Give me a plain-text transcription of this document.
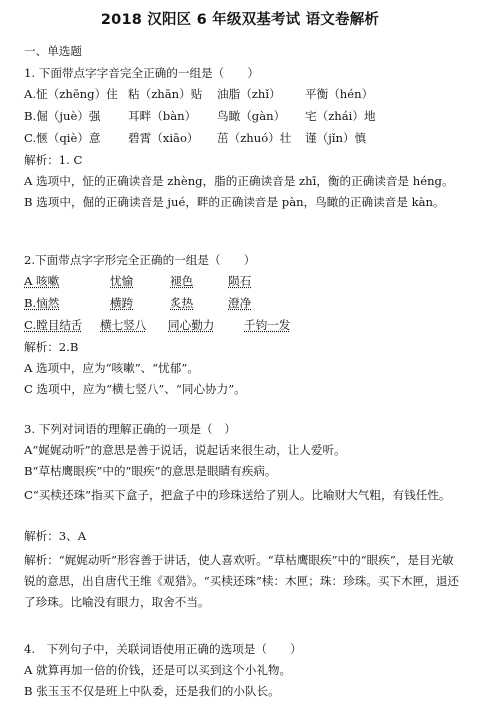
2018 汉阳区 6 年级双基考试 语文卷解析
一、单选题
1. 下面带点字字音完全正确的一组是（　　）
A.怔（zhēng）住 粘（zhān）贴	油脂（zhǐ）	平衡（hén）
B.倔（juè）强	耳畔（bàn）	鸟瞰（gàn）	宅（zhái）地
C.惬（qiè）意	碧霄（xiāo）	茁（zhuó）壮	谨（jǐn）慎
解析：1. C
A 选项中，怔的正确读音是 zhèng，脂的正确读音是 zhī，衡的正确读音是 héng。
B 选项中，倔的正确读音是 jué，畔的正确读音是 pàn，鸟瞰的正确读音是 kàn。
2.下面带点字字形完全正确的一组是（　　）
A 咳嗽	忧愉	褪色	陨石
B.恼然	横跨	炙热	澄净
C.瞠目结舌	横七竖八	同心勤力	千钧一发
解析：2.B
A 选项中，应为“咳嗽”、“忧郁”。
C 选项中，应为“横七竖八”、“同心协力”。
3. 下列对词语的理解正确的一项是（　）
A“娓娓动听”的意思是善于说话，说起话来很生动，让人爱听。
B“草枯鹰眼疾”中的“眼疾”的意思是眼睛有疾病。
C“买椟还珠”指买下盒子，把盒子中的珍珠送给了别人。比喻财大气粗，有钱任性。
解析：3、A
解析：“娓娓动听”形容善于讲话，使人喜欢听。“草枯鹰眼疾”中的“眼疾”，是目光敏锐的意思，出自唐代王维《观猎》。“买椟还珠”椟：木匣；珠：珍珠。买下木匣，退还了珍珠。比喻没有眼力，取舍不当。
4.　下列句子中，关联词语使用正确的选项是（　　）
A 就算再加一倍的价钱，还是可以买到这个小礼物。
B 张玉玉不仅是班上中队委，还是我们的小队长。
